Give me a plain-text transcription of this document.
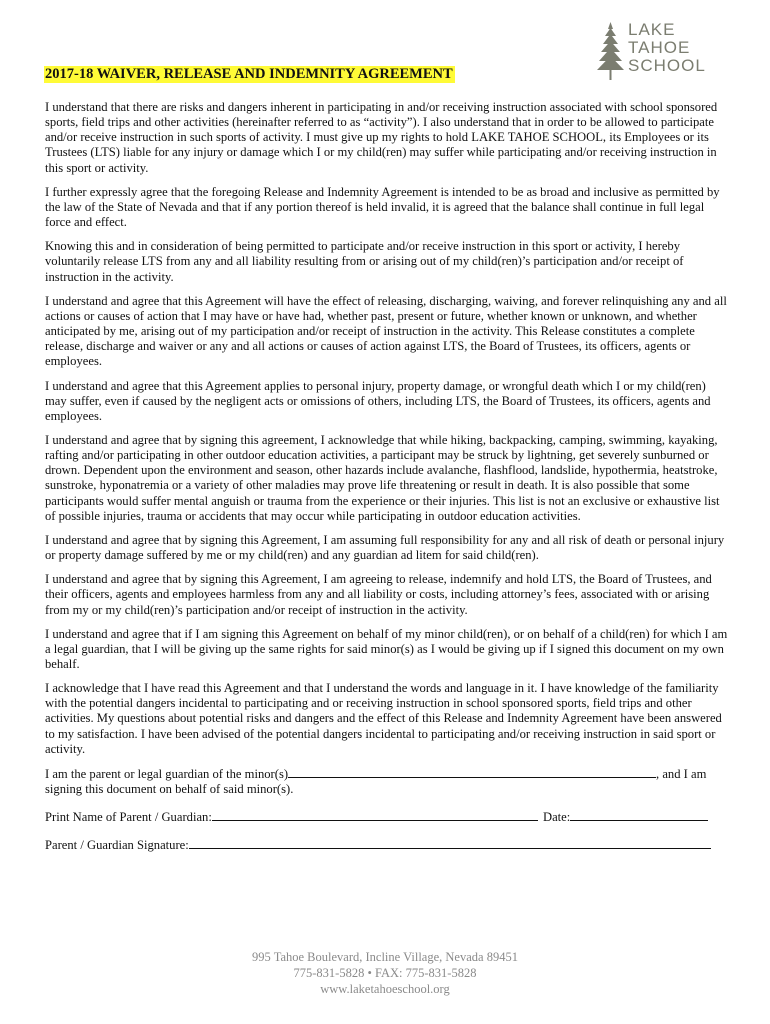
LAKE
TAHOE
SCHOOL
2017-18 WAIVER, RELEASE AND INDEMNITY AGREEMENT

I understand that there are risks and dangers inherent in participating in and/or receiving instruction associated with school sponsored sports, field trips and other activities (hereinafter referred to as “activity”). I also understand that in order to be allowed to participate and/or receive instruction in such sports of activity. I must give up my rights to hold LAKE TAHOE SCHOOL, its Employees or its Trustees (LTS) liable for any injury or damage which I or my child(ren) may suffer while participating and/or receiving instruction in this sport or activity.

I further expressly agree that the foregoing Release and Indemnity Agreement is intended to be as broad and inclusive as permitted by the law of the State of Nevada and that if any portion thereof is held invalid, it is agreed that the balance shall continue in full legal force and effect.

Knowing this and in consideration of being permitted to participate and/or receive instruction in this sport or activity, I hereby voluntarily release LTS from any and all liability resulting from or arising out of my child(ren)’s participation and/or receipt of instruction in the activity.

I understand and agree that this Agreement will have the effect of releasing, discharging, waiving, and forever relinquishing any and all actions or causes of action that I may have or have had, whether past, present or future, whether known or unknown, and whether anticipated by me, arising out of my participation and/or receipt of instruction in the activity. This Release constitutes a complete release, discharge and waiver or any and all actions or causes of action against LTS, the Board of Trustees, its officers, agents or employees.

I understand and agree that this Agreement applies to personal injury, property damage, or wrongful death which I or my child(ren) may suffer, even if caused by the negligent acts or omissions of others, including LTS, the Board of Trustees, its officers, agents and employees.

I understand and agree that by signing this agreement, I acknowledge that while hiking, backpacking, camping, swimming, kayaking, rafting and/or participating in other outdoor education activities, a participant may be struck by lightning, get severely sunburned or drown. Dependent upon the environment and season, other hazards include avalanche, flashflood, landslide, hypothermia, heatstroke, sunstroke, hyponatremia or a variety of other maladies may prove life threatening or result in death. It is also possible that some participants would suffer mental anguish or trauma from the experience or their injuries. This list is not an exclusive or exhaustive list of possible injuries, trauma or accidents that may occur while participating in outdoor education activities.

I understand and agree that by signing this Agreement, I am assuming full responsibility for any and all risk of death or personal injury or property damage suffered by me or my child(ren) and any guardian ad litem for said child(ren).

I understand and agree that by signing this Agreement, I am agreeing to release, indemnify and hold LTS, the Board of Trustees, and their officers, agents and employees harmless from any and all liability or costs, including attorney’s fees, associated with or arising from my or my child(ren)’s participation and/or receipt of instruction in the activity.

I understand and agree that if I am signing this Agreement on behalf of my minor child(ren), or on behalf of a child(ren) for which I am a legal guardian, that I will be giving up the same rights for said minor(s) as I would be giving up if I signed this document on my own behalf.

I acknowledge that I have read this Agreement and that I understand the words and language in it. I have knowledge of the familiarity with the potential dangers incidental to participating and or receiving instruction in school sponsored sports, field trips and other activities. My questions about potential risks and dangers and the effect of this Release and Indemnity Agreement have been answered to my satisfaction. I have been advised of the potential dangers incidental to participating and/or receiving instruction in said sport or activity.

I am the parent or legal guardian of the minor(s)	, and I am
signing this document on behalf of said minor(s).

Print Name of Parent / Guardian:	Date:
Parent / Guardian Signature:
995 Tahoe Boulevard, Incline Village, Nevada 89451
775-831-5828 • FAX: 775-831-5828
www.laketahoeschool.org
